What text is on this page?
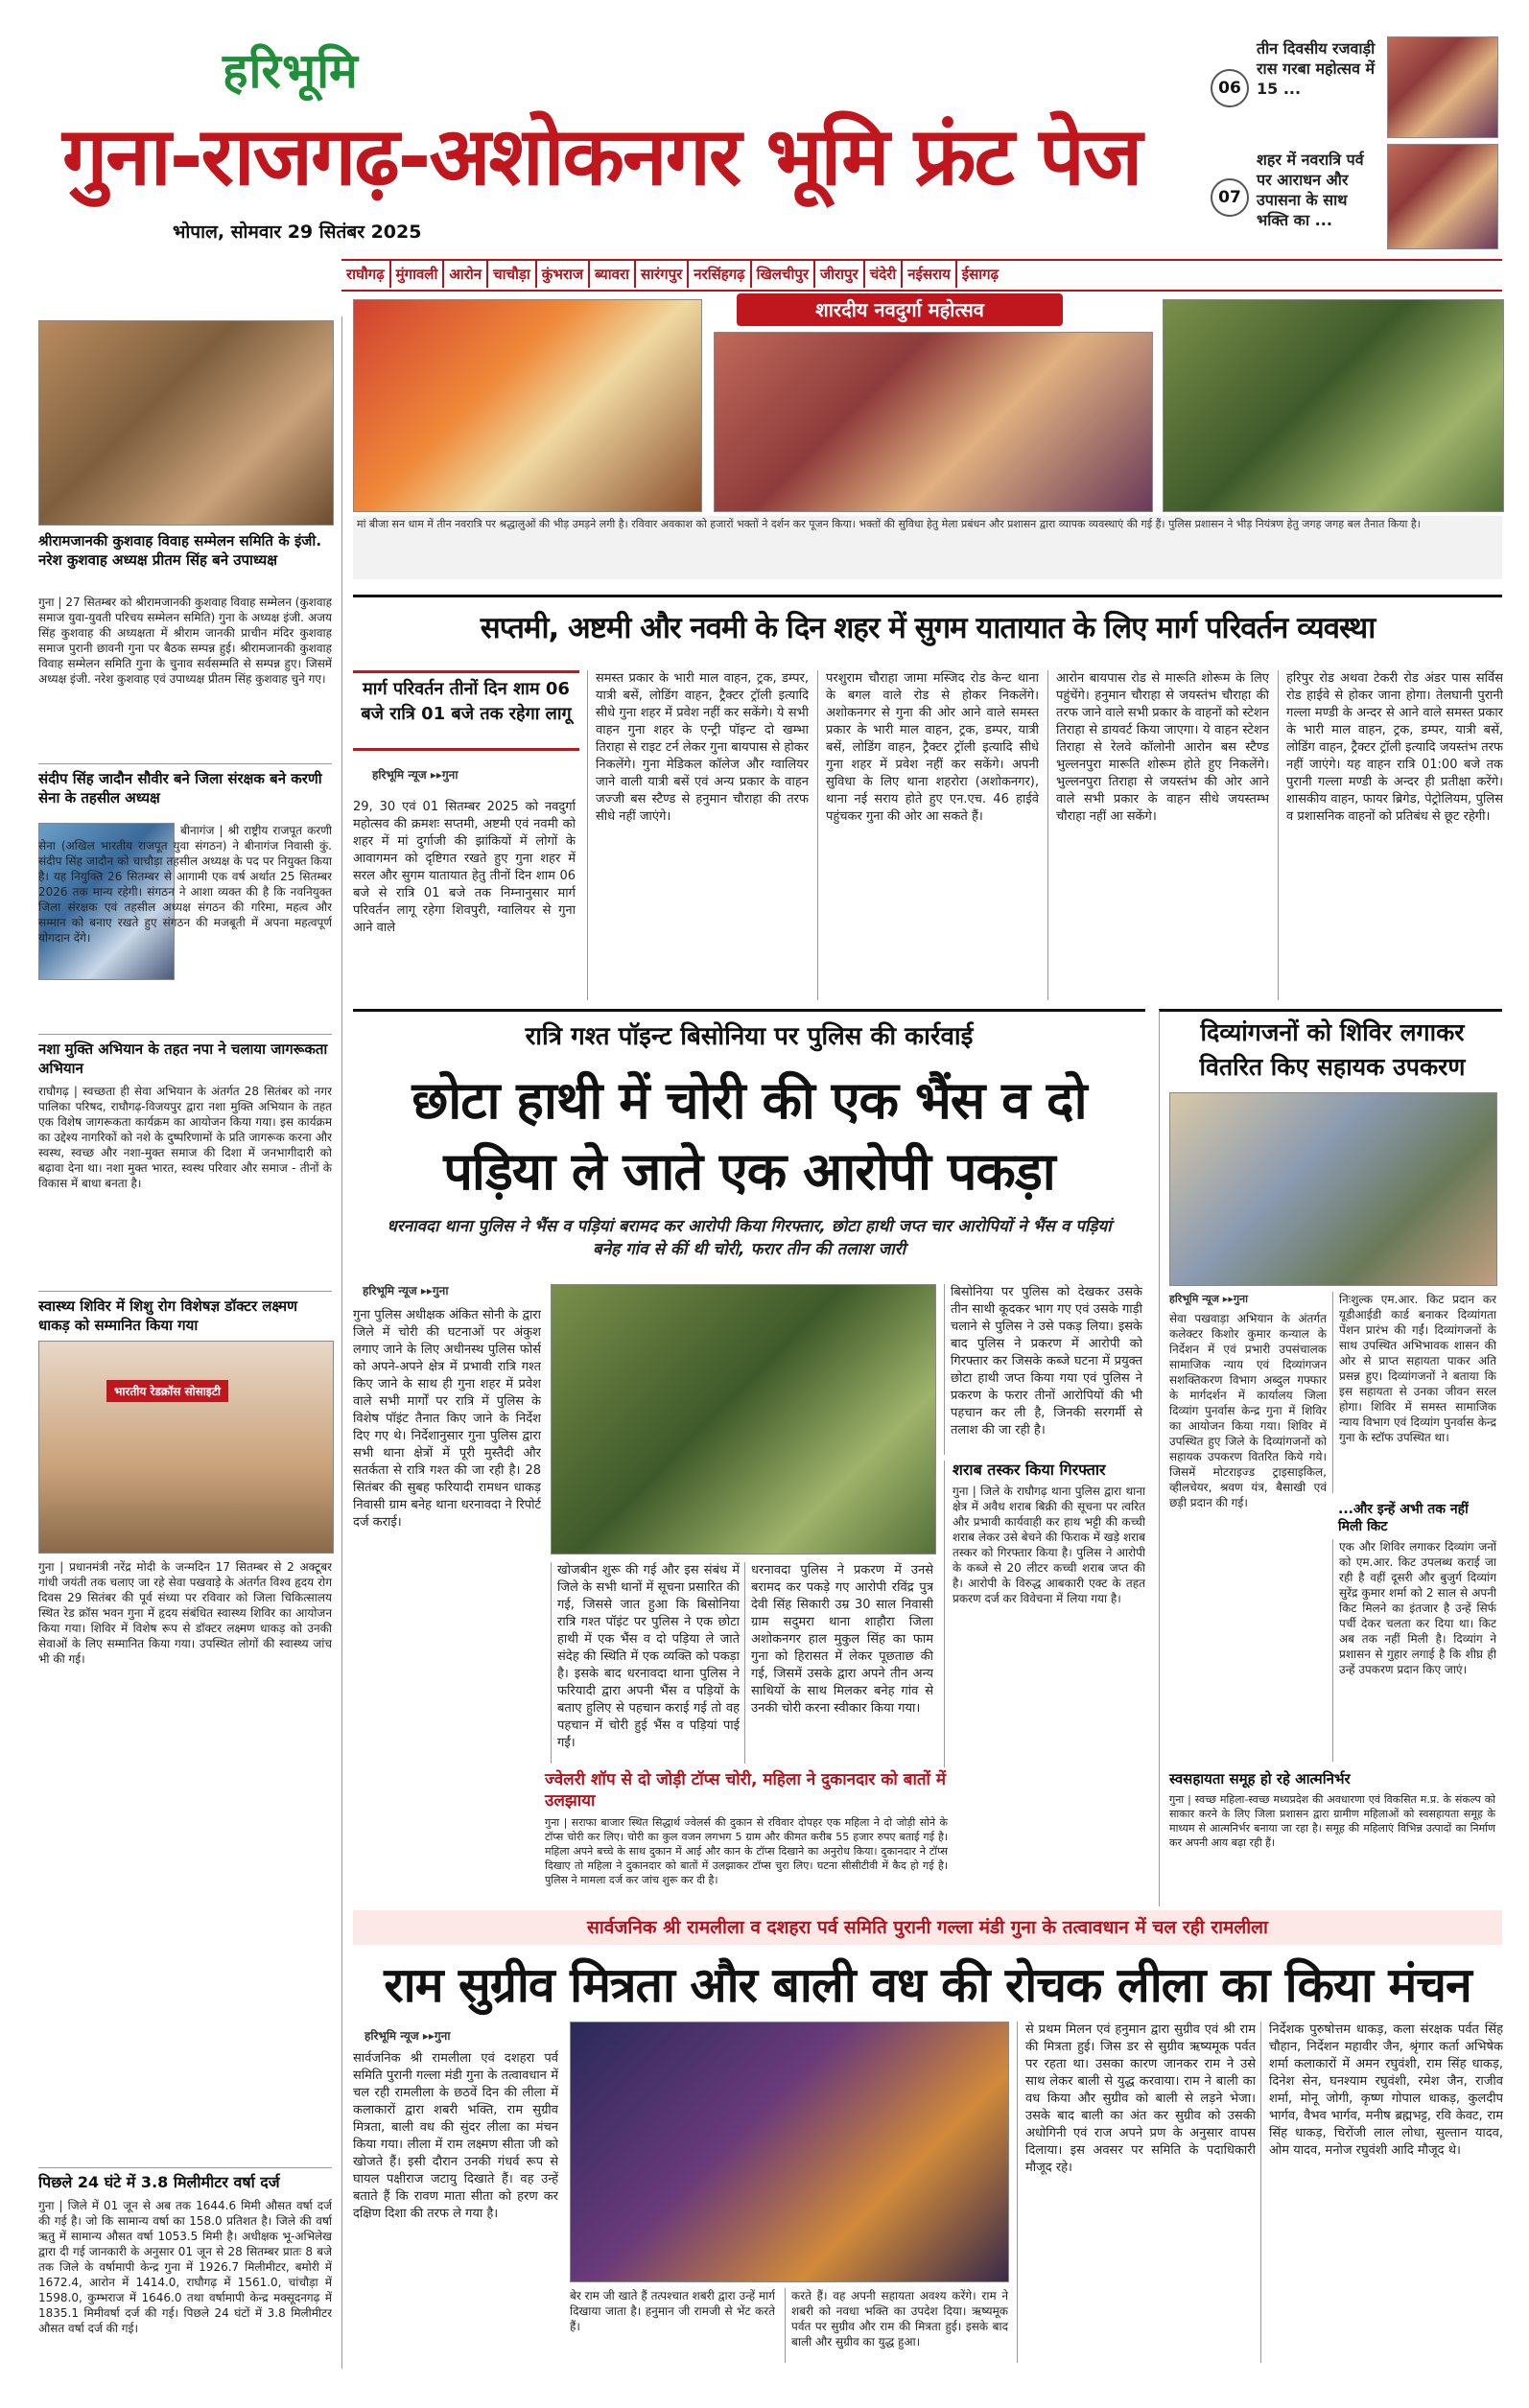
हरिभूमि
गुना-राजगढ़-अशोकनगर भूमि फ्रंट पेज
भोपाल, सोमवार 29 सितंबर 2025
06
तीन दिवसीय रजवाड़ी रास गरबा महोत्सव में 15 ...
07
शहर में नवरात्रि पर्व पर आराधन और उपासना के साथ भक्ति का ...
राघौगढ़ मुंगावली आरोन चाचौड़ा कुंभराज ब्यावरा सारंगपुर नरसिंहगढ़ खिलचीपुर जीरापुर चंदेरी नईसराय ईसागढ़
श्रीरामजानकी कुशवाह विवाह सम्मेलन समिति के इंजी. नरेश कुशवाह अध्यक्ष प्रीतम सिंह बने उपाध्यक्ष
गुना | 27 सितम्बर को श्रीरामजानकी कुशवाह विवाह सम्मेलन (कुशवाह समाज युवा-युवती परिचय सम्मेलन समिति) गुना के अध्यक्ष इंजी. अजय सिंह कुशवाह की अध्यक्षता में श्रीराम जानकी प्राचीन मंदिर कुशवाह समाज पुरानी छावनी गुना पर बैठक सम्पन्न हुई। श्रीरामजानकी कुशवाह विवाह सम्मेलन समिति गुना के चुनाव सर्वसम्मति से सम्पन्न हुए। जिसमें अध्यक्ष इंजी. नरेश कुशवाह एवं उपाध्यक्ष प्रीतम सिंह कुशवाह चुने गए।
संदीप सिंह जादौन सौवीर बने जिला संरक्षक बने करणी सेना के तहसील अध्यक्ष
बीनागंज | श्री राष्ट्रीय राजपूत करणी सेना (अखिल भारतीय राजपूत युवा संगठन) ने बीनागंज निवासी कुं. संदीप सिंह जादौन को चाचौड़ा तहसील अध्यक्ष के पद पर नियुक्त किया है। यह नियुक्ति 26 सितम्बर से आगामी एक वर्ष अर्थात 25 सितम्बर 2026 तक मान्य रहेगी। संगठन ने आशा व्यक्त की है कि नवनियुक्त जिला संरक्षक एवं तहसील अध्यक्ष संगठन की गरिमा, महत्व और सम्मान को बनाए रखते हुए संगठन की मजबूती में अपना महत्वपूर्ण योगदान देंगे।
नशा मुक्ति अभियान के तहत नपा ने चलाया जागरूकता अभियान
राघौगढ़ | स्वच्छता ही सेवा अभियान के अंतर्गत 28 सितंबर को नगर पालिका परिषद, राघौगढ़-विजयपुर द्वारा नशा मुक्ति अभियान के तहत एक विशेष जागरूकता कार्यक्रम का आयोजन किया गया। इस कार्यक्रम का उद्देश्य नागरिकों को नशे के दुष्परिणामों के प्रति जागरूक करना और स्वस्थ, स्वच्छ और नशा-मुक्त समाज की दिशा में जनभागीदारी को बढ़ावा देना था। नशा मुक्त भारत, स्वस्थ परिवार और समाज - तीनों के विकास में बाधा बनता है।
स्वास्थ्य शिविर में शिशु रोग विशेषज्ञ डॉक्टर लक्ष्मण धाकड़ को सम्मानित किया गया
भारतीय रेडक्रॉस सोसाइटी
गुना | प्रधानमंत्री नरेंद्र मोदी के जन्मदिन 17 सितम्बर से 2 अक्टूबर गांधी जयंती तक चलाए जा रहे सेवा पखवाड़े के अंतर्गत विश्व हृदय रोग दिवस 29 सितंबर की पूर्व संध्या पर रविवार को जिला चिकित्सालय स्थित रेड क्रॉस भवन गुना में हृदय संबंधित स्वास्थ्य शिविर का आयोजन किया गया। शिविर में विशेष रूप से डॉक्टर लक्ष्मण धाकड़ को उनकी सेवाओं के लिए सम्मानित किया गया। उपस्थित लोगों की स्वास्थ्य जांच भी की गई।
पिछले 24 घंटे में 3.8 मिलीमीटर वर्षा दर्ज
गुना | जिले में 01 जून से अब तक 1644.6 मिमी औसत वर्षा दर्ज की गई है। जो कि सामान्य वर्षा का 158.0 प्रतिशत है। जिले की वर्षा ऋतु में सामान्य औसत वर्षा 1053.5 मिमी है। अधीक्षक भू-अभिलेख द्वारा दी गई जानकारी के अनुसार 01 जून से 28 सितम्बर प्रातः 8 बजे तक जिले के वर्षामापी केन्द्र गुना में 1926.7 मिलीमीटर, बमोरी में 1672.4, आरोन में 1414.0, राघौगढ़ में 1561.0, चांचौड़ा में 1598.0, कुम्भराज में 1646.0 तथा वर्षामापी केन्द्र मक्सूदनगढ़ में 1835.1 मिमीवर्षा दर्ज की गई। पिछले 24 घंटों में 3.8 मिलीमीटर औसत वर्षा दर्ज की गई।
शारदीय नवदुर्गा महोत्सव
मां बीजा सन धाम में तीन नवरात्रि पर श्रद्धालुओं की भीड़ उमड़ने लगी है। रविवार अवकाश को हजारों भक्तों ने दर्शन कर पूजन किया। भक्तों की सुविधा हेतु मेला प्रबंधन और प्रशासन द्वारा व्यापक व्यवस्थाएं की गई हैं। पुलिस प्रशासन ने भीड़ नियंत्रण हेतु जगह जगह बल तैनात किया है।
सप्तमी, अष्टमी और नवमी के दिन शहर में सुगम यातायात के लिए मार्ग परिवर्तन व्यवस्था
मार्ग परिवर्तन तीनों दिन शाम 06 बजे रात्रि 01 बजे तक रहेगा लागू
हरिभूमि न्यूज ▸▸गुना
29, 30 एवं 01 सितम्बर 2025 को नवदुर्गा महोत्सव की क्रमशः सप्तमी, अष्टमी एवं नवमी को शहर में मां दुर्गाजी की झांकियों में लोगों के आवागमन को दृष्टिगत रखते हुए गुना शहर में सरल और सुगम यातायात हेतु तीनों दिन शाम 06 बजे से रात्रि 01 बजे तक निम्नानुसार मार्ग परिवर्तन लागू रहेगा शिवपुरी, ग्वालियर से गुना आने वाले
समस्त प्रकार के भारी माल वाहन, ट्रक, डम्पर, यात्री बसें, लोडिंग वाहन, ट्रैक्टर ट्रॉली इत्यादि सीधे गुना शहर में प्रवेश नहीं कर सकेंगे। ये सभी वाहन गुना शहर के एन्ट्री पॉइन्ट दो खम्भा तिराहा से राइट टर्न लेकर गुना बायपास से होकर निकलेंगे। गुना मेडिकल कॉलेज और ग्वालियर जाने वाली यात्री बसें एवं अन्य प्रकार के वाहन जज्जी बस स्टैण्ड से हनुमान चौराहा की तरफ सीधे नहीं जाएंगे।
परशुराम चौराहा जामा मस्जिद रोड केन्ट थाना के बगल वाले रोड से होकर निकलेंगे। अशोकनगर से गुना की ओर आने वाले समस्त प्रकार के भारी माल वाहन, ट्रक, डम्पर, यात्री बसें, लोडिंग वाहन, ट्रैक्टर ट्रॉली इत्यादि सीधे गुना शहर में प्रवेश नहीं कर सकेंगे। अपनी सुविधा के लिए थाना शहरोरा (अशोकनगर), थाना नई सराय होते हुए एन.एच. 46 हाईवे पहुंचकर गुना की ओर आ सकते हैं।
आरोन बायपास रोड से मारूति शोरूम के लिए पहुंचेंगे। हनुमान चौराहा से जयस्तंभ चौराहा की तरफ जाने वाले सभी प्रकार के वाहनों को स्टेशन तिराहा से डायवर्ट किया जाएगा। ये वाहन स्टेशन तिराहा से रेलवे कॉलोनी आरोन बस स्टैण्ड भुल्लनपुरा मारूति शोरूम होते हुए निकलेंगे। भुल्लनपुरा तिराहा से जयस्तंभ की ओर आने वाले सभी प्रकार के वाहन सीधे जयस्तम्भ चौराहा नहीं आ सकेंगे।
हरिपुर रोड अथवा टेकरी रोड अंडर पास सर्विस रोड हाईवे से होकर जाना होगा। तेलघानी पुरानी गल्ला मण्डी के अन्दर से आने वाले समस्त प्रकार के भारी माल वाहन, ट्रक, डम्पर, यात्री बसें, लोडिंग वाहन, ट्रैक्टर ट्रॉली इत्यादि जयस्तंभ तरफ नहीं जाएंगे। यह वाहन रात्रि 01:00 बजे तक पुरानी गल्ला मण्डी के अन्दर ही प्रतीक्षा करेंगे। शासकीय वाहन, फायर ब्रिगेड, पेट्रोलियम, पुलिस व प्रशासनिक वाहनों को प्रतिबंध से छूट रहेगी।
रात्रि गश्त पॉइन्ट बिसोनिया पर पुलिस की कार्रवाई
छोटा हाथी में चोरी की एक भैंस व दो पड़िया ले जाते एक आरोपी पकड़ा
धरनावदा थाना पुलिस ने भैंस व पड़ियां बरामद कर आरोपी किया गिरफ्तार, छोटा हाथी जप्त चार आरोपियों ने भैंस व पड़ियां बनेह गांव से कीं थी चोरी, फरार तीन की तलाश जारी
हरिभूमि न्यूज ▸▸गुना
गुना पुलिस अधीक्षक अंकित सोनी के द्वारा जिले में चोरी की घटनाओं पर अंकुश लगाए जाने के लिए अधीनस्थ पुलिस फोर्स को अपने-अपने क्षेत्र में प्रभावी रात्रि गश्त किए जाने के साथ ही गुना शहर में प्रवेश वाले सभी मार्गों पर रात्रि में पुलिस के विशेष पॉइंट तैनात किए जाने के निर्देश दिए गए थे। निर्देशानुसार गुना पुलिस द्वारा सभी थाना क्षेत्रों में पूरी मुस्तैदी और सतर्कता से रात्रि गश्त की जा रही है। 28 सितंबर की सुबह फरियादी रामधन धाकड़ निवासी ग्राम बनेह थाना धरनावदा ने रिपोर्ट दर्ज कराई।
खोजबीन शुरू की गई और इस संबंध में जिले के सभी थानों में सूचना प्रसारित की गई, जिससे जात हुआ कि बिसोनिया रात्रि गश्त पॉइंट पर पुलिस ने एक छोटा हाथी में एक भैंस व दो पड़िया ले जाते संदेह की स्थिति में एक व्यक्ति को पकड़ा है। इसके बाद धरनावदा थाना पुलिस ने फरियादी द्वारा अपनी भैंस व पड़ियों के बताए हुलिए से पहचान कराई गई तो वह पहचान में चोरी हुई भैंस व पड़ियां पाई गईं।
धरनावदा पुलिस ने प्रकरण में उनसे बरामद कर पकड़े गए आरोपी रविंद्र पुत्र देवी सिंह सिकारी उम्र 30 साल निवासी ग्राम सदुमरा थाना शाहौरा जिला अशोकनगर हाल मुकुल सिंह का फाम गुना को हिरासत में लेकर पूछताछ की गई, जिसमें उसके द्वारा अपने तीन अन्य साथियों के साथ मिलकर बनेह गांव से उनकी चोरी करना स्वीकार किया गया।
बिसोनिया पर पुलिस को देखकर उसके तीन साथी कूदकर भाग गए एवं उसके गाड़ी चलाने से पुलिस ने उसे पकड़ लिया। इसके बाद पुलिस ने प्रकरण में आरोपी को गिरफ्तार कर जिसके कब्जे घटना में प्रयुक्त छोटा हाथी जप्त किया गया एवं पुलिस ने प्रकरण के फरार तीनों आरोपियों की भी पहचान कर ली है, जिनकी सरगर्मी से तलाश की जा रही है।
शराब तस्कर किया गिरफ्तार
गुना | जिले के राघौगढ़ थाना पुलिस द्वारा थाना क्षेत्र में अवैध शराब बिक्री की सूचना पर त्वरित और प्रभावी कार्यवाही कर हाथ भट्टी की कच्ची शराब लेकर उसे बेचने की फिराक में खड़े शराब तस्कर को गिरफ्तार किया है। पुलिस ने आरोपी के कब्जे से 20 लीटर कच्ची शराब जप्त की है। आरोपी के विरुद्ध आबकारी एक्ट के तहत प्रकरण दर्ज कर विवेचना में लिया गया है।
ज्वेलरी शॉप से दो जोड़ी टॉप्स चोरी, महिला ने दुकानदार को बातों में उलझाया
गुना | सराफा बाजार स्थित सिद्धार्थ ज्वेलर्स की दुकान से रविवार दोपहर एक महिला ने दो जोड़ी सोने के टॉप्स चोरी कर लिए। चोरी का कुल वजन लगभग 5 ग्राम और कीमत करीब 55 हजार रुपए बताई गई है। महिला अपने बच्चे के साथ दुकान में आई और कान के टॉप्स दिखाने का अनुरोध किया। दुकानदार ने टॉप्स दिखाए तो महिला ने दुकानदार को बातों में उलझाकर टॉप्स चुरा लिए। घटना सीसीटीवी में कैद हो गई है। पुलिस ने मामला दर्ज कर जांच शुरू कर दी है।
दिव्यांगजनों को शिविर लगाकर वितरित किए सहायक उपकरण
हरिभूमि न्यूज ▸▸गुना
सेवा पखवाड़ा अभियान के अंतर्गत कलेक्टर किशोर कुमार कन्याल के निर्देशन में एवं प्रभारी उपसंचालक सामाजिक न्याय एवं दिव्यांगजन सशक्तिकरण विभाग अब्दुल गफ्फार के मार्गदर्शन में कार्यालय जिला दिव्यांग पुनर्वास केन्द्र गुना में शिविर का आयोजन किया गया। शिविर में उपस्थित हुए जिले के दिव्यांगजनों को सहायक उपकरण वितरित किये गये। जिसमें मोटराइज्ड ट्राइसाइकिल, व्हीलचेयर, श्रवण यंत्र, बैसाखी एवं छड़ी प्रदान की गई।
निःशुल्क एम.आर. किट प्रदान कर यूडीआईडी कार्ड बनाकर दिव्यांगता पेंशन प्रारंभ की गईं। दिव्यांगजनों के साथ उपस्थित अभिभावक शासन की ओर से प्राप्त सहायता पाकर अति प्रसन्न हुए। दिव्यांगजनों ने बताया कि इस सहायता से उनका जीवन सरल होगा। शिविर में समस्त सामाजिक न्याय विभाग एवं दिव्यांग पुनर्वास केन्द्र गुना के स्टॉफ उपस्थित था।
...और इन्हें अभी तक नहीं मिली किट
एक और शिविर लगाकर दिव्यांग जनों को एम.आर. किट उपलब्ध कराई जा रही है वहीं दूसरी और बुजुर्ग दिव्यांग सुरेंद्र कुमार शर्मा को 2 साल से अपनी किट मिलने का इंतजार है उन्हें सिर्फ पर्ची देकर चलता कर दिया था। किट अब तक नहीं मिली है। दिव्यांग ने प्रशासन से गुहार लगाई है कि शीघ्र ही उन्हें उपकरण प्रदान किए जाएं।
स्वसहायता समूह हो रहे आत्मनिर्भर
गुना | स्वच्छ महिला-स्वच्छ मध्यप्रदेश की अवधारणा एवं विकसित म.प्र. के संकल्प को साकार करने के लिए जिला प्रशासन द्वारा ग्रामीण महिलाओं को स्वसहायता समूह के माध्यम से आत्मनिर्भर बनाया जा रहा है। समूह की महिलाएं विभिन्न उत्पादों का निर्माण कर अपनी आय बढ़ा रही हैं।
सार्वजनिक श्री रामलीला व दशहरा पर्व समिति पुरानी गल्ला मंडी गुना के तत्वावधान में चल रही रामलीला
राम सुग्रीव मित्रता और बाली वध की रोचक लीला का किया मंचन
हरिभूमि न्यूज ▸▸गुना
सार्वजनिक श्री रामलीला एवं दशहरा पर्व समिति पुरानी गल्ला मंडी गुना के तत्वावधान में चल रही रामलीला के छठवें दिन की लीला में कलाकारों द्वारा शबरी भक्ति, राम सुग्रीव मित्रता, बाली वध की सुंदर लीला का मंचन किया गया। लीला में राम लक्ष्मण सीता जी को खोजते हैं। इसी दौरान उनकी गंधर्व रूप से घायल पक्षीराज जटायु दिखाते हैं। वह उन्हें बताते हैं कि रावण माता सीता को हरण कर दक्षिण दिशा की तरफ ले गया है।
बेर राम जी खाते हैं तत्पश्चात शबरी द्वारा उन्हें मार्ग दिखाया जाता है। हनुमान जी रामजी से भेंट करते हैं।
करते हैं। वह अपनी सहायता अवश्य करेंगे। राम ने शबरी को नवधा भक्ति का उपदेश दिया। ऋष्यमूक पर्वत पर सुग्रीव और राम की मित्रता हुई। इसके बाद बाली और सुग्रीव का युद्ध हुआ।
से प्रथम मिलन एवं हनुमान द्वारा सुग्रीव एवं श्री राम की मित्रता हुई। जिस डर से सुग्रीव ऋष्यमूक पर्वत पर रहता था। उसका कारण जानकर राम ने उसे साथ लेकर बाली से युद्ध करवाया। राम ने बाली का वध किया और सुग्रीव को बाली से लड़ने भेजा। उसके बाद बाली का अंत कर सुग्रीव को उसकी अधोगिनी एवं राज अपने प्रण के अनुसार वापस दिलाया। इस अवसर पर समिति के पदाधिकारी मौजूद रहे।
निर्देशक पुरुषोत्तम धाकड़, कला संरक्षक पर्वत सिंह चौहान, निर्देशन महावीर जैन, श्रृंगार कर्ता अभिषेक शर्मा कलाकारों में अमन रघुवंशी, राम सिंह धाकड़, दिनेश सेन, घनश्याम रघुवंशी, रमेश जैन, राजीव शर्मा, मोनू जोगी, कृष्ण गोपाल धाकड़, कुलदीप भार्गव, वैभव भार्गव, मनीष ब्रह्मभट्ट, रवि केवट, राम सिंह धाकड़, चिरोंजी लाल लोधा, सुल्तान यादव, ओम यादव, मनोज रघुवंशी आदि मौजूद थे।
